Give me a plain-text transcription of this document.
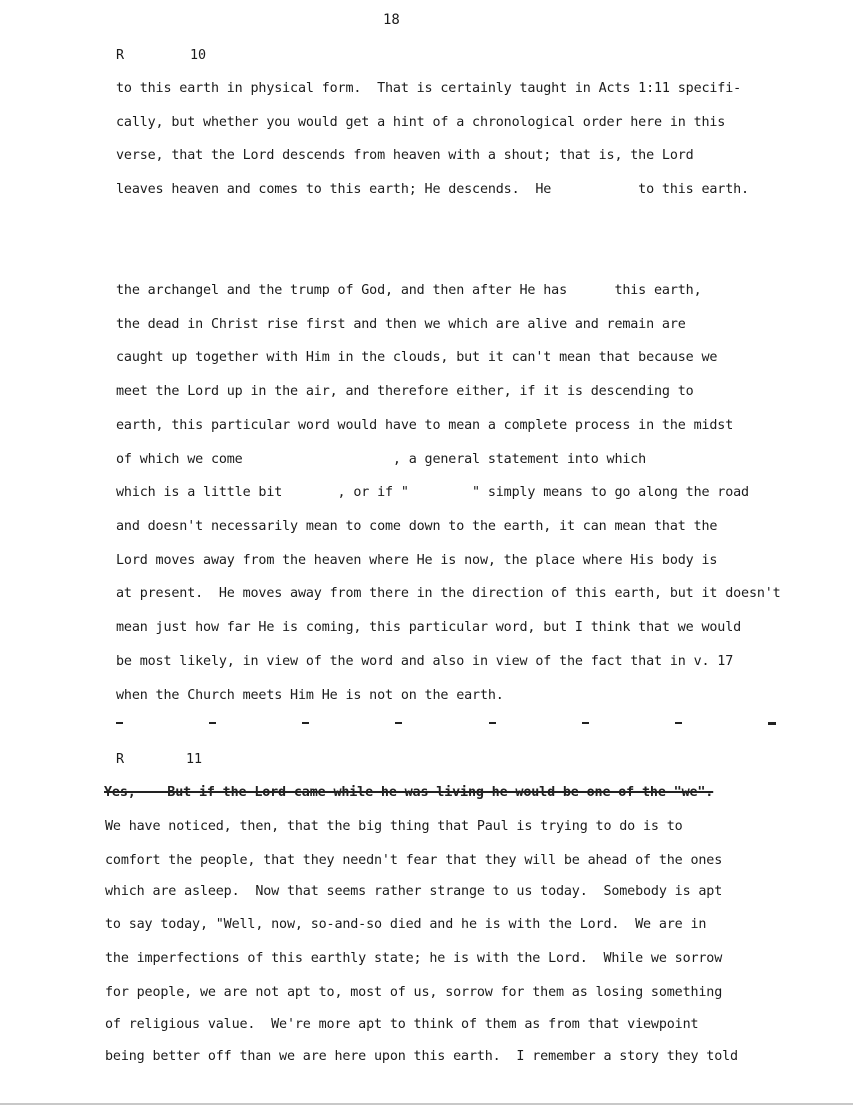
18
R	10
to this earth in physical form.  That is certainly taught in Acts 1:11 specifi-
cally, but whether you would get a hint of a chronological order here in this
verse, that the Lord descends from heaven with a shout; that is, the Lord
leaves heaven and comes to this earth; He descends.  He           to this earth.
the archangel and the trump of God, and then after He has      this earth,
the dead in Christ rise first and then we which are alive and remain are
caught up together with Him in the clouds, but it can't mean that because we
meet the Lord up in the air, and therefore either, if it is descending to
earth, this particular word would have to mean a complete process in the midst
of which we come                   , a general statement into which
which is a little bit       , or if "        " simply means to go along the road
and doesn't necessarily mean to come down to the earth, it can mean that the
Lord moves away from the heaven where He is now, the place where His body is
at present.  He moves away from there in the direction of this earth, but it doesn't
mean just how far He is coming, this particular word, but I think that we would
be most likely, in view of the word and also in view of the fact that in v. 17
when the Church meets Him He is not on the earth.
R	11
Yes, ---But if the Lord came while he was living he would be one of the "we".
We have noticed, then, that the big thing that Paul is trying to do is to
comfort the people, that they needn't fear that they will be ahead of the ones
which are asleep.  Now that seems rather strange to us today.  Somebody is apt
to say today, "Well, now, so-and-so died and he is with the Lord.  We are in
the imperfections of this earthly state; he is with the Lord.  While we sorrow
for people, we are not apt to, most of us, sorrow for them as losing something
of religious value.  We're more apt to think of them as from that viewpoint
being better off than we are here upon this earth.  I remember a story they told
